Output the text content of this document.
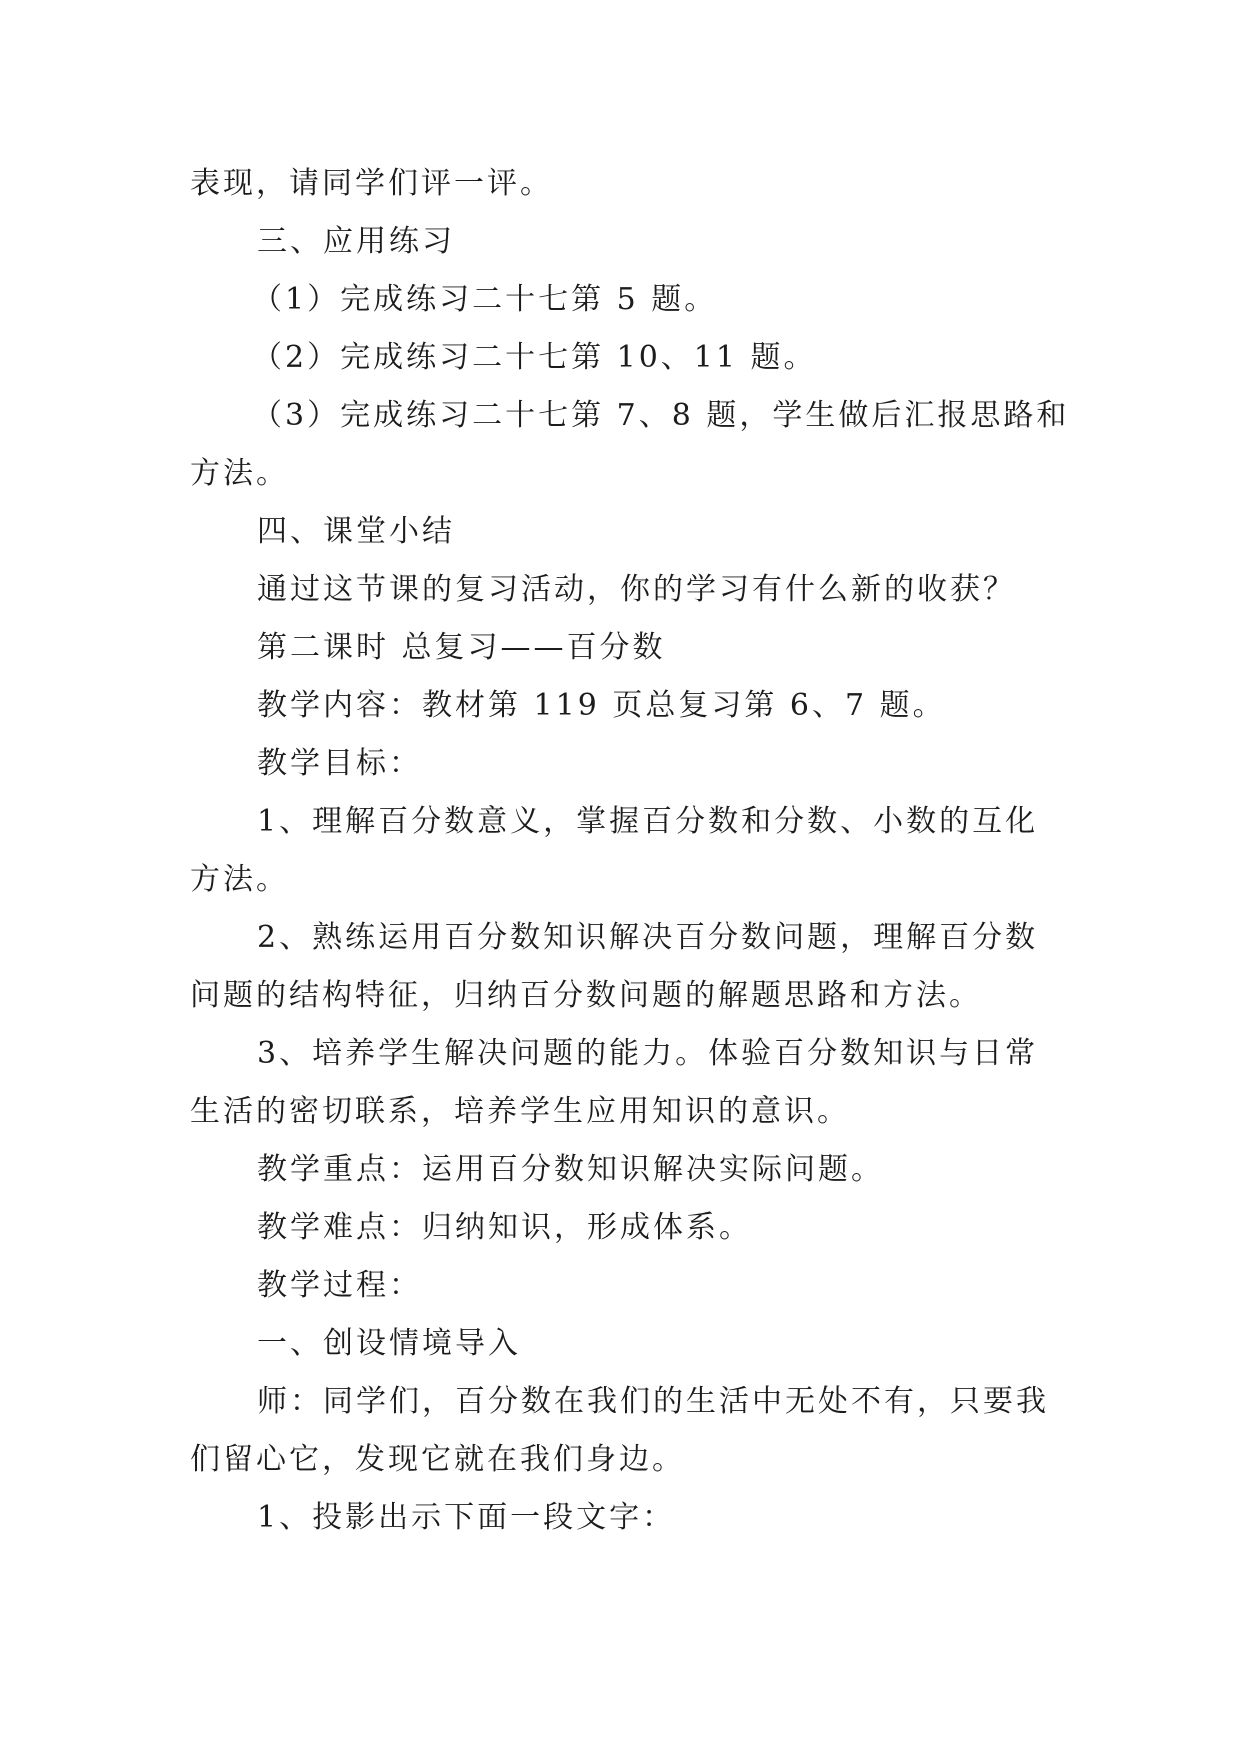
表现，请同学们评一评。
三、应用练习
（1）完成练习二十七第 5 题。
（2）完成练习二十七第 10、11 题。
（3）完成练习二十七第 7、8 题，学生做后汇报思路和
方法。
四、课堂小结
通过这节课的复习活动，你的学习有什么新的收获？
第二课时 总复习——百分数
教学内容：教材第 119 页总复习第 6、7 题。
教学目标：
1、理解百分数意义，掌握百分数和分数、小数的互化
方法。
2、熟练运用百分数知识解决百分数问题，理解百分数
问题的结构特征，归纳百分数问题的解题思路和方法。
3、培养学生解决问题的能力。体验百分数知识与日常
生活的密切联系，培养学生应用知识的意识。
教学重点：运用百分数知识解决实际问题。
教学难点：归纳知识，形成体系。
教学过程：
一、创设情境导入
师：同学们，百分数在我们的生活中无处不有，只要我
们留心它，发现它就在我们身边。
1、投影出示下面一段文字：
